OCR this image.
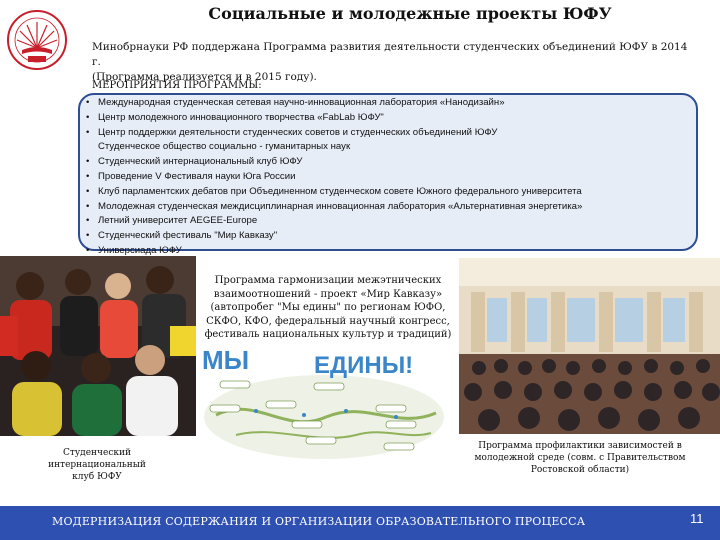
Социальные и молодежные проекты ЮФУ
Минобрнауки РФ поддержана Программа развития деятельности студенческих объединений ЮФУ в 2014 г.
(Программа реализуется и в 2015 году).
МЕРОПРИЯТИЯ ПРОГРАММЫ:
• Международная студенческая сетевая научно-инновационная лаборатория «Нанодизайн»
• Центр молодежного инновационного творчества «FabLab ЮФУ"
• Центр поддержки деятельности студенческих советов и студенческих объединений ЮФУ
Студенческое общество социально - гуманитарных наук
• Студенческий интернациональный клуб ЮФУ
• Проведение V Фестиваля науки Юга России
• Клуб парламентских дебатов при Объединенном студенческом совете Южного федерального университета
• Молодежная студенческая междисциплинарная инновационная лаборатория «Альтернативная энергетика»
• Летний университет AEGEE-Europe
• Студенческий фестиваль "Мир Кавказу"
• Универсиада ЮФУ
Программа гармонизации межэтнических
взаимоотношений - проект «Мир Кавказу»
(автопробег "Мы едины" по регионам ЮФО,
СКФО, КФО, федеральный научный конгресс,
фестиваль национальных культур и традиций)
МЫ	ЕДИНЫ!
Студенческий
интернациональный
клуб ЮФУ
Программа профилактики зависимостей в
молодежной среде (совм. с Правительством
Ростовской области)
МОДЕРНИЗАЦИЯ СОДЕРЖАНИЯ И ОРГАНИЗАЦИИ ОБРАЗОВАТЕЛЬНОГО ПРОЦЕССА	11
